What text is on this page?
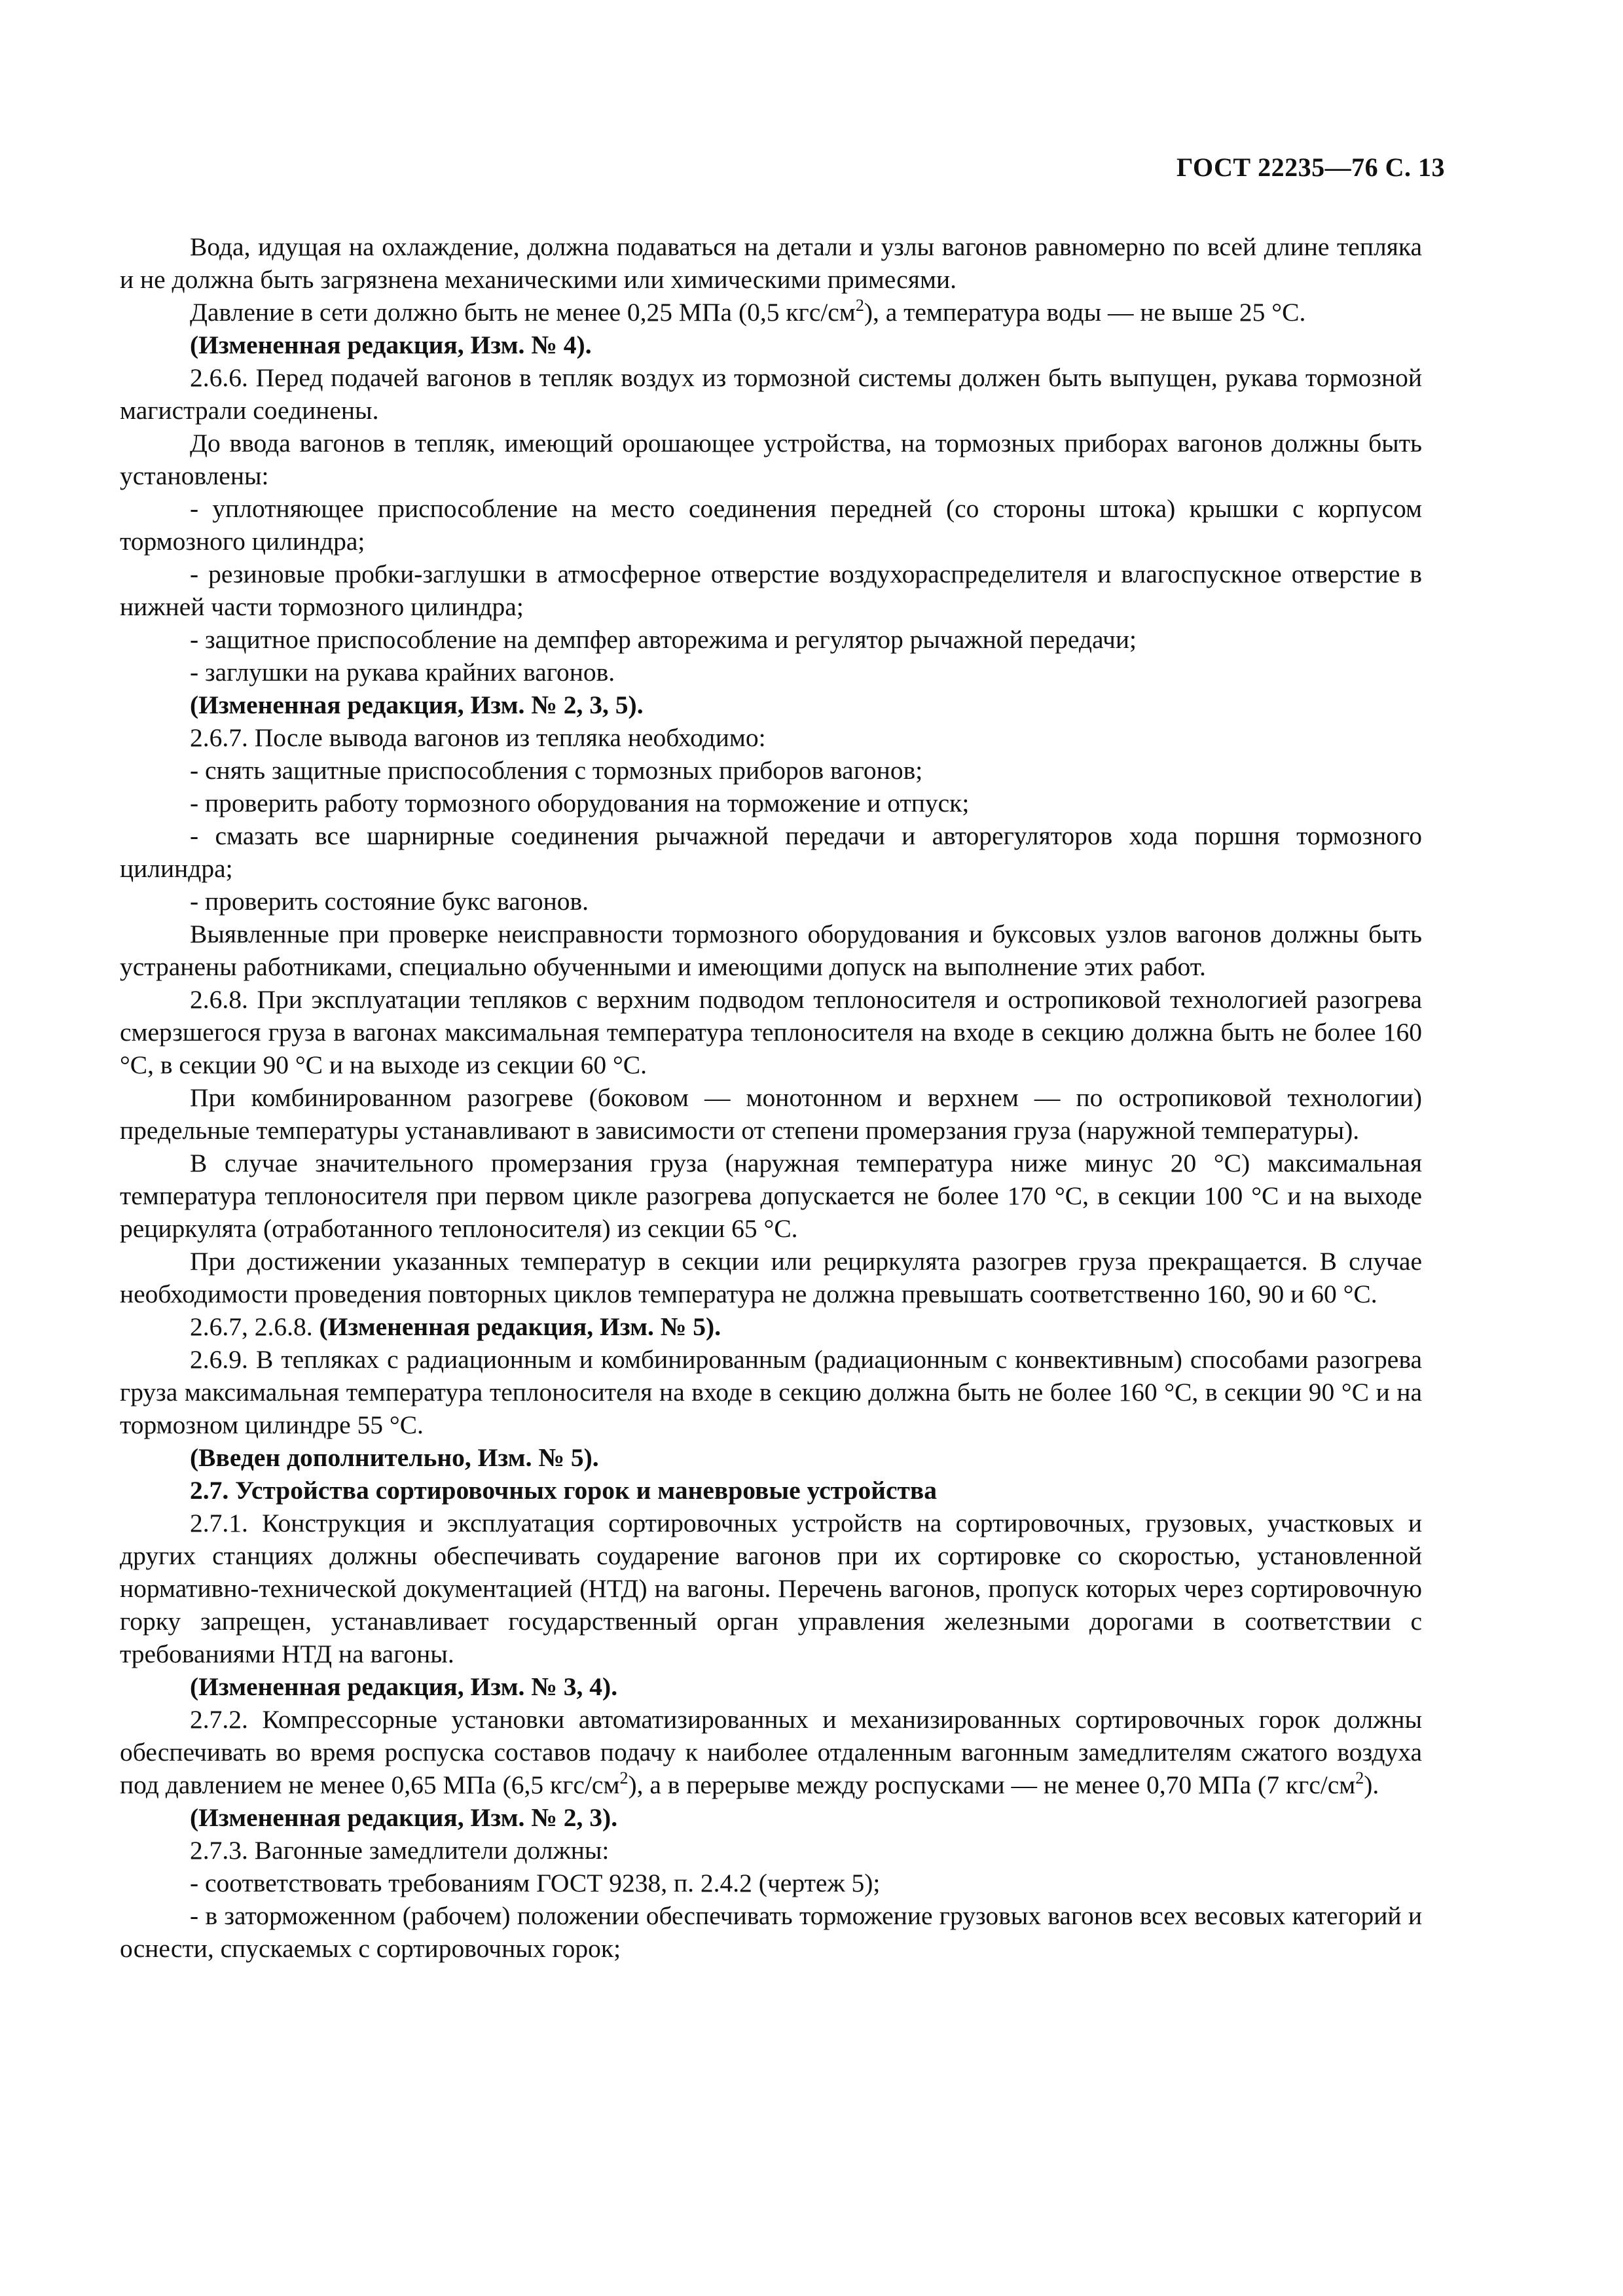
ГОСТ 22235—76 С. 13

Вода, идущая на охлаждение, должна подаваться на детали и узлы вагонов равномерно по всей длине тепляка и не должна быть загрязнена механическими или химическими примесями.

Давление в сети должно быть не менее 0,25 МПа (0,5 кгс/$см^2$), а температура воды — не выше 25 °С.

(Измененная редакция, Изм. № 4).

2.6.6. Перед подачей вагонов в тепляк воздух из тормозной системы должен быть выпущен, рукава тормозной магистрали соединены.

До ввода вагонов в тепляк, имеющий орошающее устройства, на тормозных приборах вагонов должны быть установлены:

- уплотняющее приспособление на место соединения передней (со стороны штока) крышки с корпусом тормозного цилиндра;

- резиновые пробки-заглушки в атмосферное отверстие воздухораспределителя и влагоспускное отверстие в нижней части тормозного цилиндра;

- защитное приспособление на демпфер авторежима и регулятор рычажной передачи;

- заглушки на рукава крайних вагонов.

(Измененная редакция, Изм. № 2, 3, 5).

2.6.7. После вывода вагонов из тепляка необходимо:

- снять защитные приспособления с тормозных приборов вагонов;

- проверить работу тормозного оборудования на торможение и отпуск;

- смазать все шарнирные соединения рычажной передачи и авторегуляторов хода поршня тормозного цилиндра;

- проверить состояние букс вагонов.

Выявленные при проверке неисправности тормозного оборудования и буксовых узлов вагонов должны быть устранены работниками, специально обученными и имеющими допуск на выполнение этих работ.

2.6.8. При эксплуатации тепляков с верхним подводом теплоносителя и остропиковой технологией разогрева смерзшегося груза в вагонах максимальная температура теплоносителя на входе в секцию должна быть не более 160 °С, в секции 90 °С и на выходе из секции 60 °С.

При комбинированном разогреве (боковом — монотонном и верхнем — по остропиковой технологии) предельные температуры устанавливают в зависимости от степени промерзания груза (наружной температуры).

В случае значительного промерзания груза (наружная температура ниже минус 20 °С) максимальная температура теплоносителя при первом цикле разогрева допускается не более 170 °С, в секции 100 °С и на выходе рециркулята (отработанного теплоносителя) из секции 65 °С.

При достижении указанных температур в секции или рециркулята разогрев груза прекращается. В случае необходимости проведения повторных циклов температура не должна превышать соответственно 160, 90 и 60 °С.

2.6.7, 2.6.8. (Измененная редакция, Изм. № 5).

2.6.9. В тепляках с радиационным и комбинированным (радиационным с конвективным) способами разогрева груза максимальная температура теплоносителя на входе в секцию должна быть не более 160 °С, в секции 90 °С и на тормозном цилиндре 55 °С.

(Введен дополнительно, Изм. № 5).

2.7. Устройства сортировочных горок и маневровые устройства

2.7.1. Конструкция и эксплуатация сортировочных устройств на сортировочных, грузовых, участковых и других станциях должны обеспечивать соударение вагонов при их сортировке со скоростью, установленной нормативно-технической документацией (НТД) на вагоны. Перечень вагонов, пропуск которых через сортировочную горку запрещен, устанавливает государственный орган управления железными дорогами в соответствии с требованиями НТД на вагоны.

(Измененная редакция, Изм. № 3, 4).

2.7.2. Компрессорные установки автоматизированных и механизированных сортировочных горок должны обеспечивать во время роспуска составов подачу к наиболее отдаленным вагонным замедлителям сжатого воздуха под давлением не менее 0,65 МПа (6,5 кгс/$см^2$), а в перерыве между роспусками — не менее 0,70 МПа (7 кгс/$см^2$).

(Измененная редакция, Изм. № 2, 3).

2.7.3. Вагонные замедлители должны:

- соответствовать требованиям ГОСТ 9238, п. 2.4.2 (чертеж 5);

- в заторможенном (рабочем) положении обеспечивать торможение грузовых вагонов всех весовых категорий и оснести, спускаемых с сортировочных горок;
